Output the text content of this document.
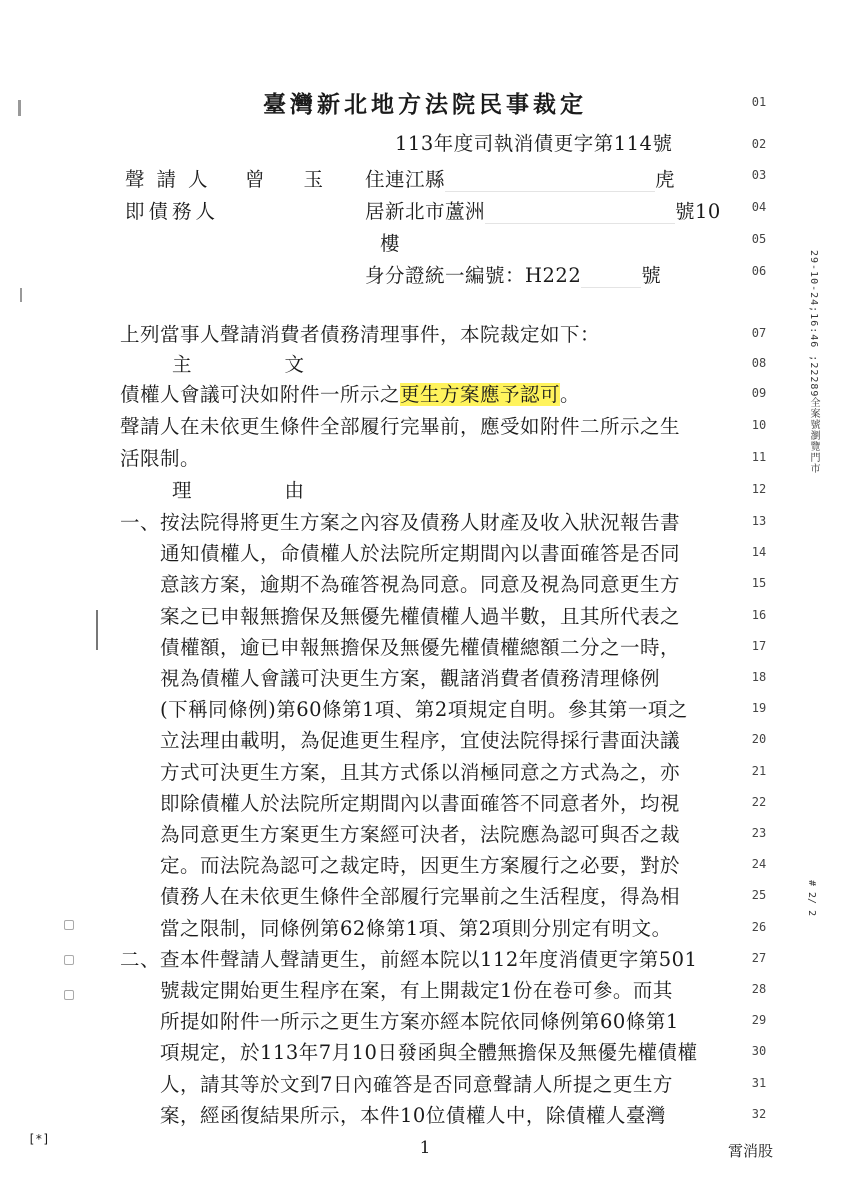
29-10-24;16:46 ;22289全案號瀏覽門市
# 2/ 2
臺灣新北地方法院民事裁定
113年度司執消債更字第114號
聲請人 曾　　玉 住連江縣	虎
即債務人	居新北市蘆洲	號10
樓
身分證統一編號：H222	號
上列當事人聲請消費者債務清理事件，本院裁定如下：
主　　文
債權人會議可決如附件一所示之更生方案應予認可。
聲請人在未依更生條件全部履行完畢前，應受如附件二所示之生
活限制。
理　　由
一、按法院得將更生方案之內容及債務人財產及收入狀況報告書
　　通知債權人，命債權人於法院所定期間內以書面確答是否同
　　意該方案，逾期不為確答視為同意。同意及視為同意更生方
　　案之已申報無擔保及無優先權債權人過半數，且其所代表之
　　債權額，逾已申報無擔保及無優先權債權總額二分之一時，
　　視為債權人會議可決更生方案，觀諸消費者債務清理條例
　　(下稱同條例)第60條第1項、第2項規定自明。參其第一項之
　　立法理由載明，為促進更生程序，宜使法院得採行書面決議
　　方式可決更生方案，且其方式係以消極同意之方式為之，亦
　　即除債權人於法院所定期間內以書面確答不同意者外，均視
　　為同意更生方案更生方案經可決者，法院應為認可與否之裁
　　定。而法院為認可之裁定時，因更生方案履行之必要，對於
　　債務人在未依更生條件全部履行完畢前之生活程度，得為相
　　當之限制，同條例第62條第1項、第2項則分別定有明文。
二、查本件聲請人聲請更生，前經本院以112年度消債更字第501
　　號裁定開始更生程序在案，有上開裁定1份在卷可參。而其
　　所提如附件一所示之更生方案亦經本院依同條例第60條第1
　　項規定，於113年7月10日發函與全體無擔保及無優先權債權
　　人，請其等於文到7日內確答是否同意聲請人所提之更生方
　　案，經函復結果所示，本件10位債權人中，除債權人臺灣
01
02
03
04
05
06
07
08
09
10
11
12
13
14
15
16
17
18
19
20
21
22
23
24
25
26
27
28
29
30
31
32
[*]	1	霄消股
